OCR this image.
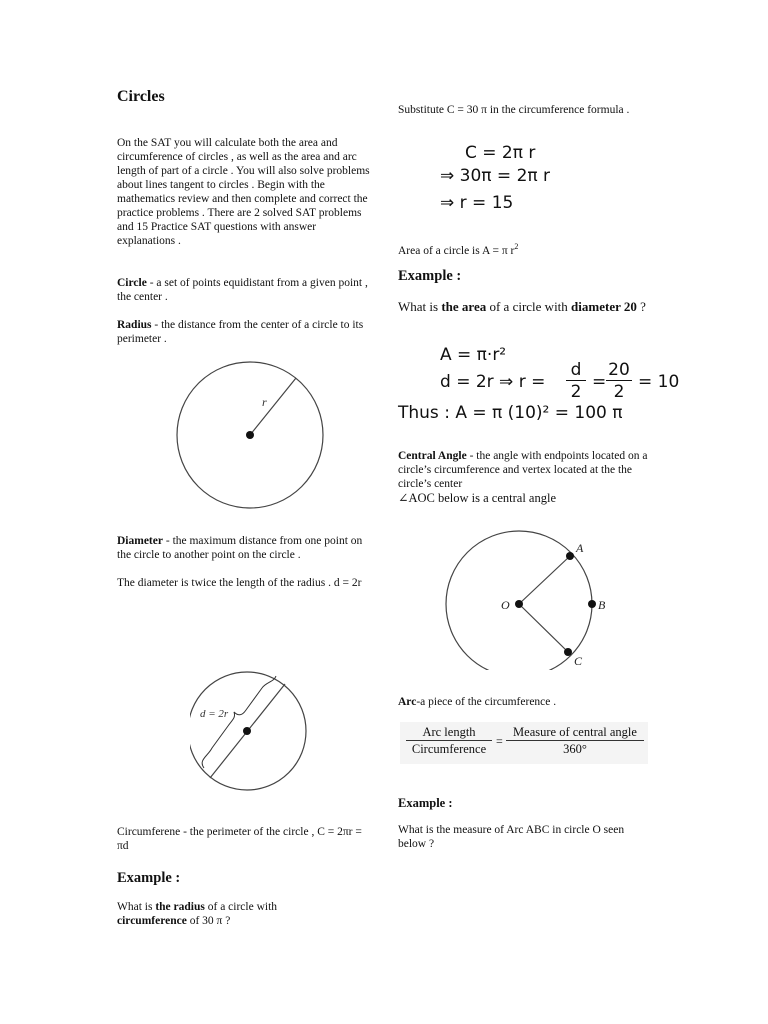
Circles

On the SAT you will calculate both the area and circumference of circles , as well as the area and arc length of part of a circle . You will also solve problems about lines tangent to circles . Begin with the mathematics review and then complete and correct the practice problems . There are 2 solved SAT problems and 15 Practice SAT questions with answer explanations .

Circle - a set of points equidistant from a given point , the center .

Radius - the distance from the center of a circle to its perimeter .

r

Diameter - the maximum distance from one point on the circle to another point on the circle .

The diameter is twice the length of the radius . d = 2r

d = 2r

Circumferene - the perimeter of the circle , C = 2πr = πd

Example :

What is the radius of a circle with circumference of 30 π ?

Substitute C = 30 π in the circumference formula .

C = 2π r
⇒ 30π = 2π r
⇒ r = 15

Area of a circle is A = π $r^2$

Example :

What is the area of a circle with diameter 20 ?

A = π·r²
d = 2r ⇒ r =
d
2 =
20
2 = 10
Thus : A = π (10)² = 100 π

Central Angle - the angle with endpoints located on a circle’s circumference and vertex located at the the circle’s center

∠AOC below is a central angle

O
A
B
C

Arc-a piece of the circumference .

Arc length
Circumference
=
Measure of central angle
360°
Example :

What is the measure of Arc ABC in circle O seen below ?
